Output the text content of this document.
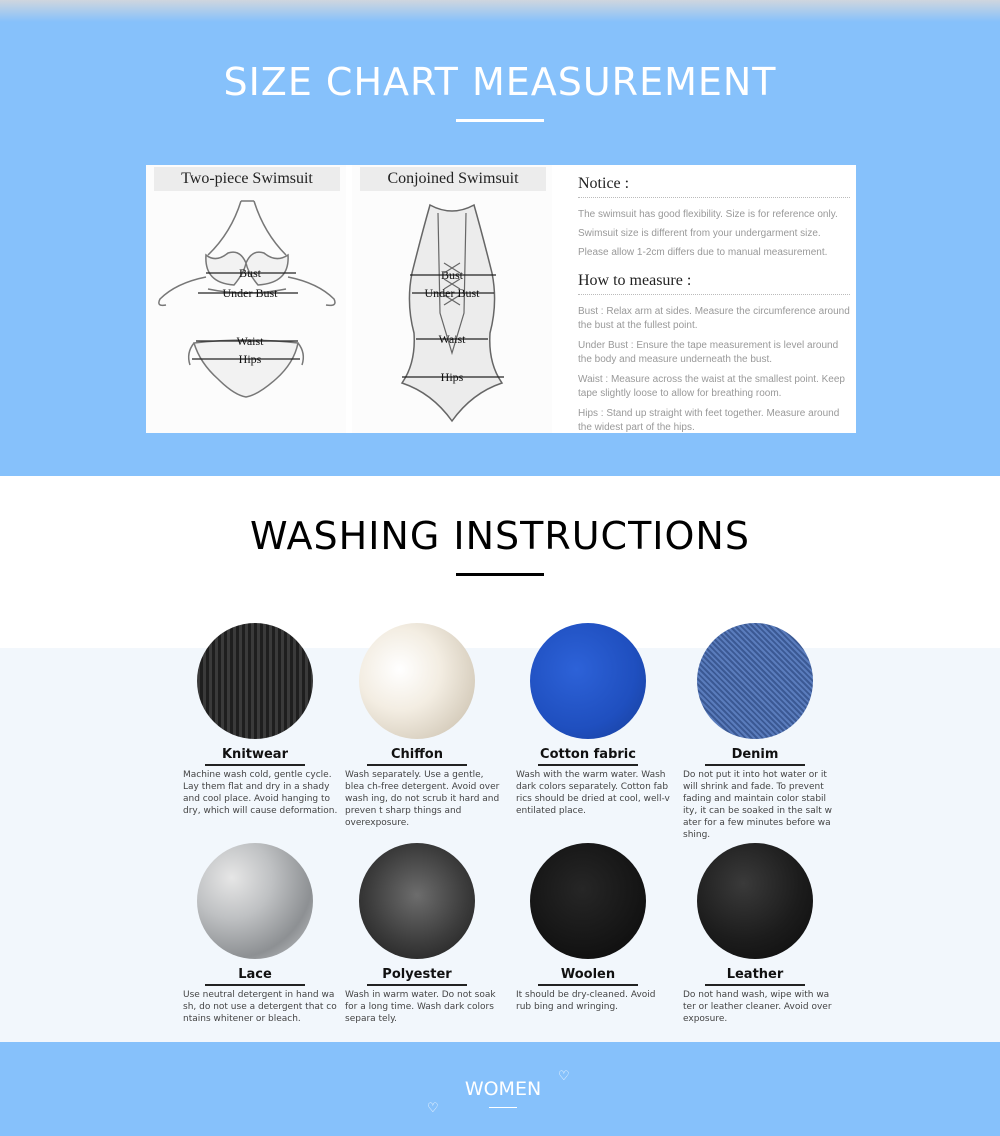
SIZE CHART MEASUREMENT
Two-piece Swimsuit
Bust
Under Bust
Waist
Hips
Conjoined Swimsuit
Bust
Under Bust
Waist
Hips
Notice :

The swimsuit has good flexibility. Size is for reference only.

Swimsuit size is different from your undergarment size.

Please allow 1-2cm differs due to manual measurement.

How to measure :

Bust : Relax arm at sides. Measure the circumference around the bust at the fullest point.

Under Bust : Ensure the tape measurement is level around the body and measure underneath the bust.

Waist : Measure across the waist at the smallest point. Keep tape slightly loose to allow for breathing room.

Hips : Stand up straight with feet together. Measure around the widest part of the hips.

WASHING INSTRUCTIONS
Knitwear
Machine wash cold, gentle cycle. Lay them flat and dry in a shady and cool place. Avoid hanging to dry, which will cause deformation.
Chiffon
Wash separately. Use a gentle, blea ch-free detergent. Avoid over wash ing, do not scrub it hard and preven t sharp things and overexposure.
Cotton fabric
Wash with the warm water. Wash dark colors separately. Cotton fab rics should be dried at cool, well-v entilated place.
Denim
Do not put it into hot water or it will shrink and fade. To prevent fading and maintain color stabil ity, it can be soaked in the salt w ater for a few minutes before wa shing.
Lace
Use neutral detergent in hand wa sh, do not use a detergent that co ntains whitener or bleach.
Polyester
Wash in warm water. Do not soak for a long time. Wash dark colors separa tely.
Woolen
It should be dry-cleaned. Avoid rub bing and wringing.
Leather
Do not hand wash, wipe with wa ter or leather cleaner. Avoid over exposure.
WOMEN
♡
♡
